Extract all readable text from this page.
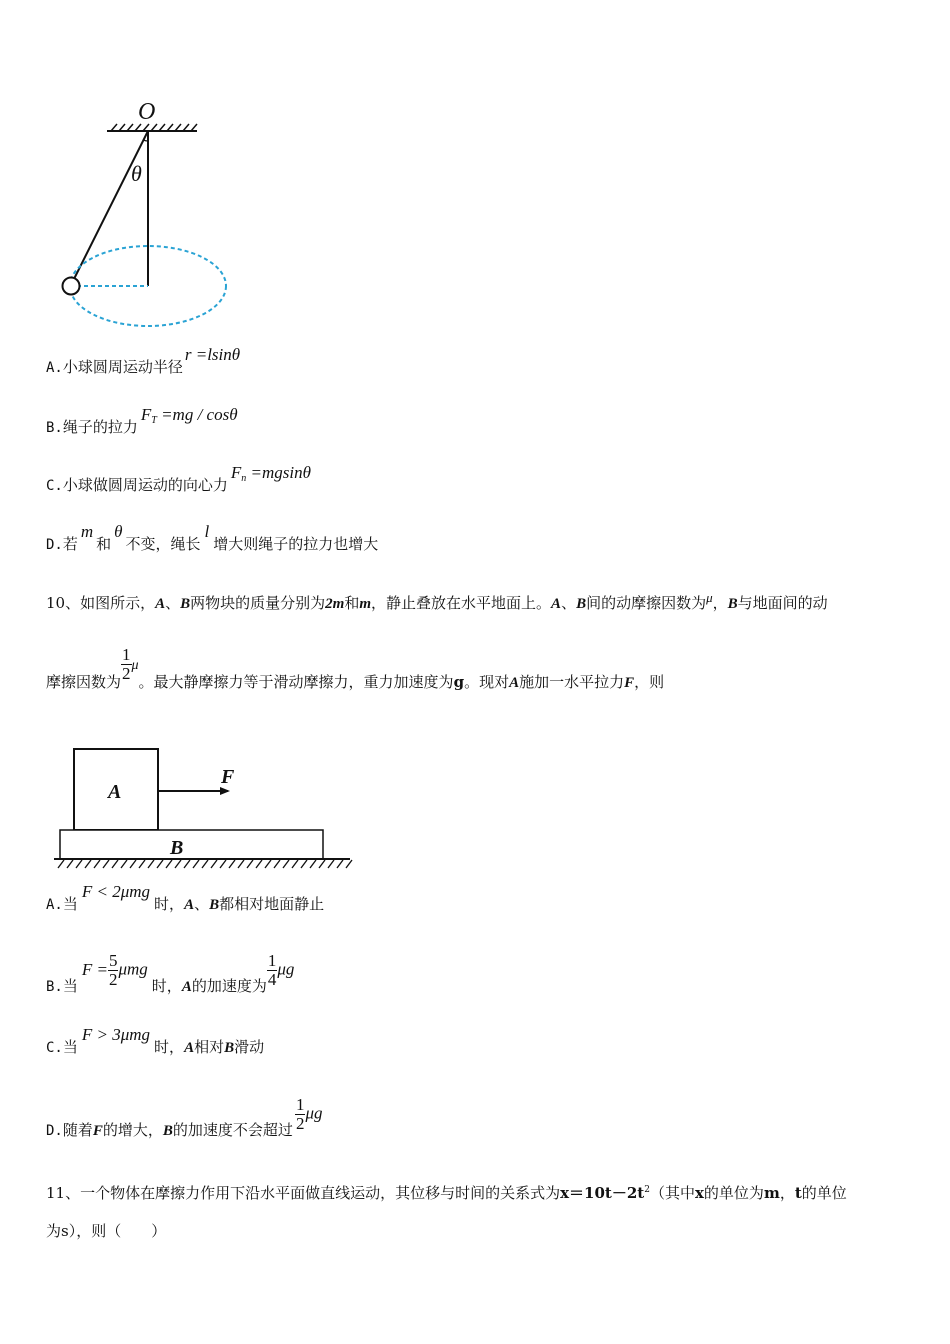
O
θ
A.小球圆周运动半径r =lsinθ
B.绳子的拉力$F_T =mg / \cos\theta$
C.小球做圆周运动的向心力$F_n =mgsin\theta$
D.若m和θ不变，绳长l增大则绳子的拉力也增大
10、如图所示，A、B两物块的质量分别为2m和m，静止叠放在水平地面上。A、B间的动摩擦因数为μ，B与地面间的动
摩擦因数为 $\frac{1}{2}$ μ。最大静摩擦力等于滑动摩擦力，重力加速度为g。现对A施加一水平拉力F，则
A
B
F
A.当F < 2μmg时，A、B都相对地面静止
B.当$F = \frac{5}{2}$ μmg时，A的加速度为 $\frac{1}{4}$ μg
C.当F > 3μmg时，A相对B滑动
D.随着F的增大，B的加速度不会超过 $\frac{1}{2}$ μg
11、一个物体在摩擦力作用下沿水平面做直线运动，其位移与时间的关系式为$x=10t-2t^2$（其中x的单位为m，t的单位
为s），则（　　）
